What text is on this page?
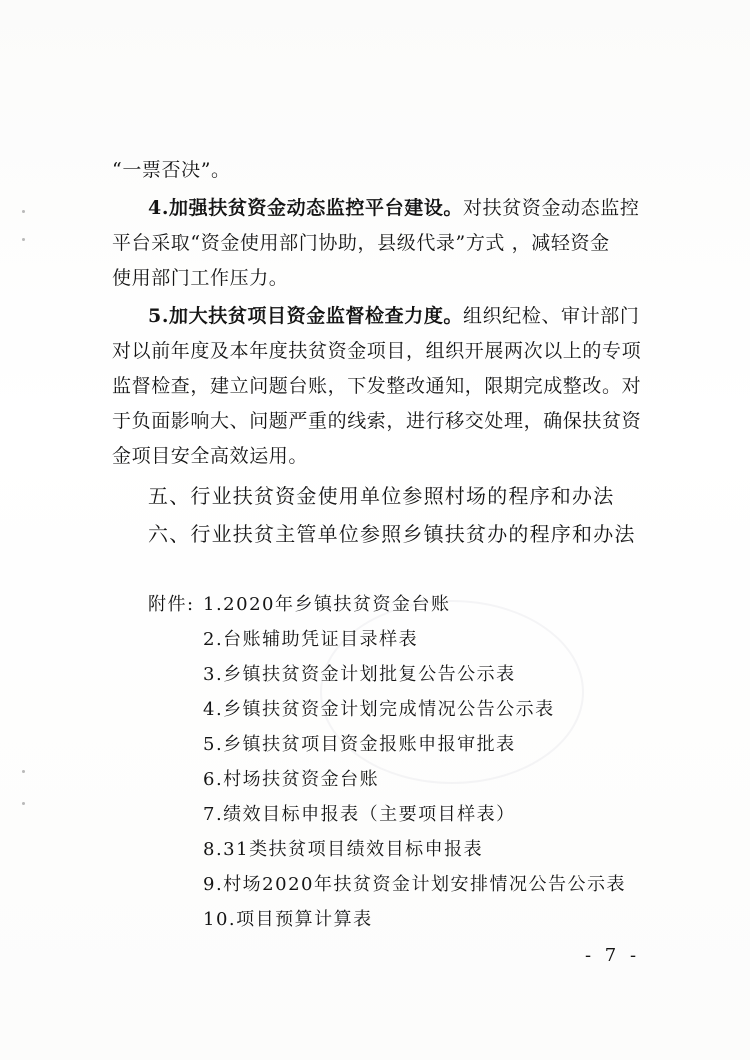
“一票否决”。
4.加强扶贫资金动态监控平台建设。对扶贫资金动态监控
平台采取“资金使用部门协助，县级代录”方式 ，减轻资金
使用部门工作压力。
5.加大扶贫项目资金监督检查力度。组织纪检、审计部门
对以前年度及本年度扶贫资金项目，组织开展两次以上的专项
监督检查，建立问题台账，下发整改通知，限期完成整改。对
于负面影响大、问题严重的线索，进行移交处理，确保扶贫资
金项目安全高效运用。
五、行业扶贫资金使用单位参照村场的程序和办法
六、行业扶贫主管单位参照乡镇扶贫办的程序和办法
附件: 1.2020年乡镇扶贫资金台账
2.台账辅助凭证目录样表
3.乡镇扶贫资金计划批复公告公示表
4.乡镇扶贫资金计划完成情况公告公示表
5.乡镇扶贫项目资金报账申报审批表
6.村场扶贫资金台账
7.绩效目标申报表（主要项目样表）
8.31类扶贫项目绩效目标申报表
9.村场2020年扶贫资金计划安排情况公告公示表
10.项目预算计算表
- 7 -
